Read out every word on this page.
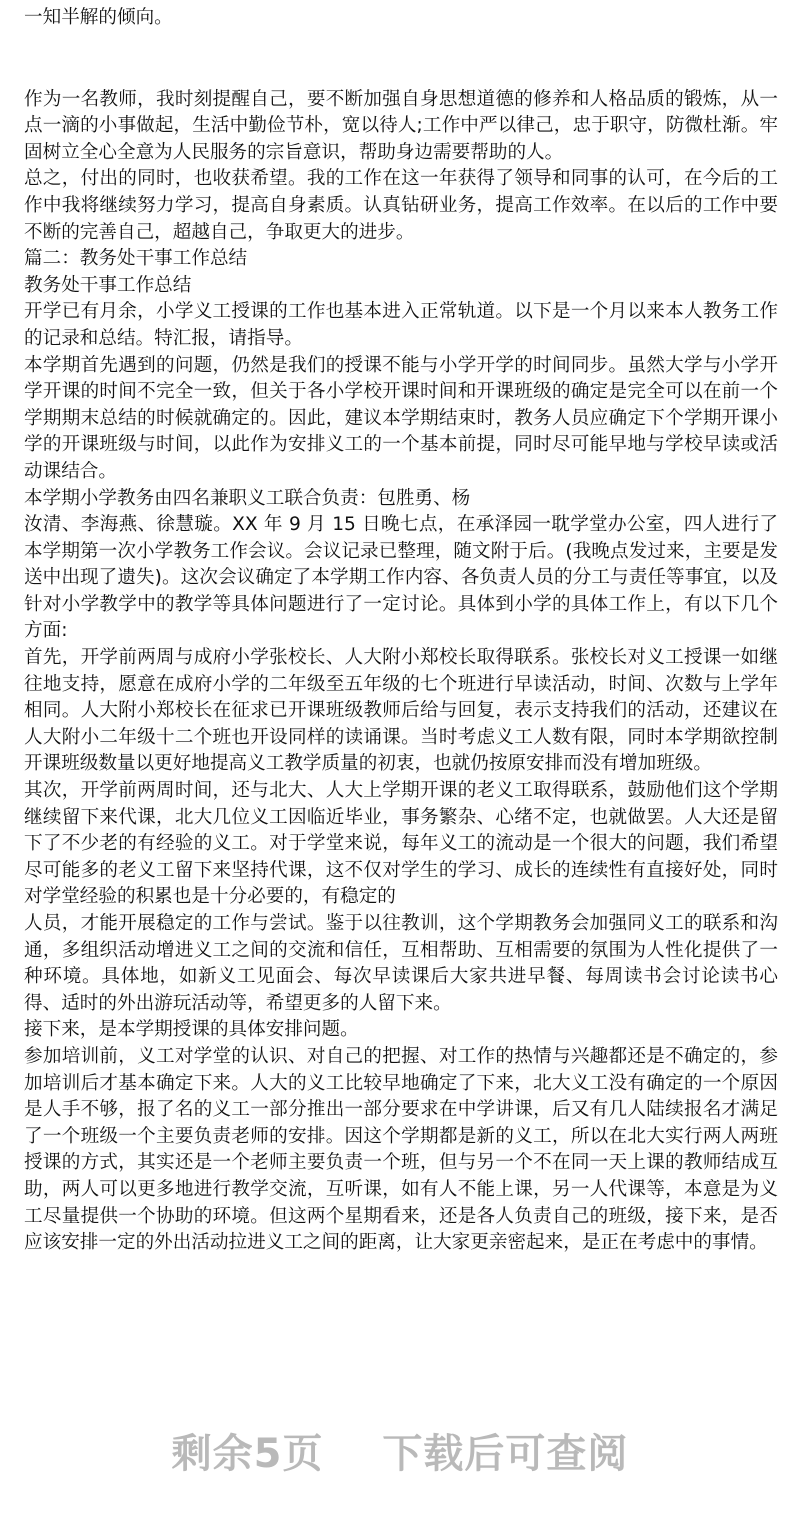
一知半解的倾向。

作为一名教师，我时刻提醒自己，要不断加强自身思想道德的修养和人格品质的锻炼，从一点一滴的小事做起，生活中勤俭节朴，宽以待人;工作中严以律己，忠于职守，防微杜渐。牢固树立全心全意为人民服务的宗旨意识，帮助身边需要帮助的人。

总之，付出的同时，也收获希望。我的工作在这一年获得了领导和同事的认可，在今后的工作中我将继续努力学习，提高自身素质。认真钻研业务，提高工作效率。在以后的工作中要不断的完善自己，超越自己，争取更大的进步。

篇二：教务处干事工作总结

教务处干事工作总结

开学已有月余，小学义工授课的工作也基本进入正常轨道。以下是一个月以来本人教务工作的记录和总结。特汇报，请指导。

本学期首先遇到的问题，仍然是我们的授课不能与小学开学的时间同步。虽然大学与小学开学开课的时间不完全一致，但关于各小学校开课时间和开课班级的确定是完全可以在前一个学期期末总结的时候就确定的。因此，建议本学期结束时，教务人员应确定下个学期开课小学的开课班级与时间，以此作为安排义工的一个基本前提，同时尽可能早地与学校早读或活动课结合。

本学期小学教务由四名兼职义工联合负责：包胜勇、杨

汝清、李海燕、徐慧璇。XX 年 9 月 15 日晚七点，在承泽园一耽学堂办公室，四人进行了本学期第一次小学教务工作会议。会议记录已整理，随文附于后。(我晚点发过来，主要是发送中出现了遗失)。这次会议确定了本学期工作内容、各负责人员的分工与责任等事宜，以及针对小学教学中的教学等具体问题进行了一定讨论。具体到小学的具体工作上，有以下几个方面:

首先，开学前两周与成府小学张校长、人大附小郑校长取得联系。张校长对义工授课一如继往地支持，愿意在成府小学的二年级至五年级的七个班进行早读活动，时间、次数与上学年相同。人大附小郑校长在征求已开课班级教师后给与回复，表示支持我们的活动，还建议在人大附小二年级十二个班也开设同样的读诵课。当时考虑义工人数有限，同时本学期欲控制开课班级数量以更好地提高义工教学质量的初衷，也就仍按原安排而没有增加班级。

其次，开学前两周时间，还与北大、人大上学期开课的老义工取得联系，鼓励他们这个学期继续留下来代课，北大几位义工因临近毕业，事务繁杂、心绪不定，也就做罢。人大还是留下了不少老的有经验的义工。对于学堂来说，每年义工的流动是一个很大的问题，我们希望尽可能多的老义工留下来坚持代课，这不仅对学生的学习、成长的连续性有直接好处，同时对学堂经验的积累也是十分必要的，有稳定的

人员，才能开展稳定的工作与尝试。鉴于以往教训，这个学期教务会加强同义工的联系和沟通，多组织活动增进义工之间的交流和信任，互相帮助、互相需要的氛围为人性化提供了一种环境。具体地，如新义工见面会、每次早读课后大家共进早餐、每周读书会讨论读书心得、适时的外出游玩活动等，希望更多的人留下来。

接下来，是本学期授课的具体安排问题。

参加培训前，义工对学堂的认识、对自己的把握、对工作的热情与兴趣都还是不确定的，参加培训后才基本确定下来。人大的义工比较早地确定了下来，北大义工没有确定的一个原因是人手不够，报了名的义工一部分推出一部分要求在中学讲课，后又有几人陆续报名才满足了一个班级一个主要负责老师的安排。因这个学期都是新的义工，所以在北大实行两人两班授课的方式，其实还是一个老师主要负责一个班，但与另一个不在同一天上课的教师结成互助，两人可以更多地进行教学交流，互听课，如有人不能上课，另一人代课等，本意是为义工尽量提供一个协助的环境。但这两个星期看来，还是各人负责自己的班级，接下来，是否应该安排一定的外出活动拉进义工之间的距离，让大家更亲密起来，是正在考虑中的事情。

剩余5页 下载后可查阅
